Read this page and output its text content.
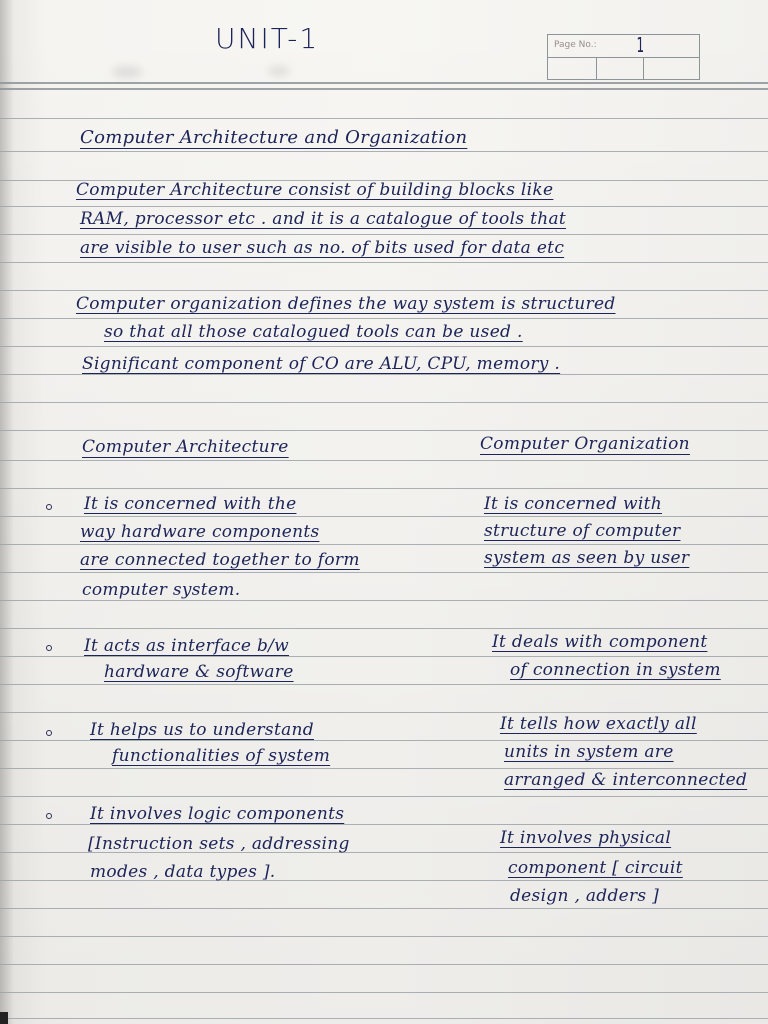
Page No.: 1
UNIT-1
Computer Architecture and Organization
Computer Architecture consist of building blocks like
RAM, processor etc . and it is a catalogue of tools that
are visible to user such as no. of bits used for data etc
Computer organization defines the way system is structured
so that all those catalogued tools can be used .
Significant component of CO are ALU, CPU, memory .
Computer Architecture	Computer Organization
It is concerned with the
way hardware components
are connected together to form
computer system.
It is concerned with
structure of computer
system as seen by user
It acts as interface b/w
hardware & software
It deals with component
of connection in system
It helps us to understand
functionalities of system
It tells how exactly all
units in system are
arranged & interconnected
It involves logic components
[Instruction sets , addressing
modes , data types ].
It involves physical
component [ circuit
design , adders ]
